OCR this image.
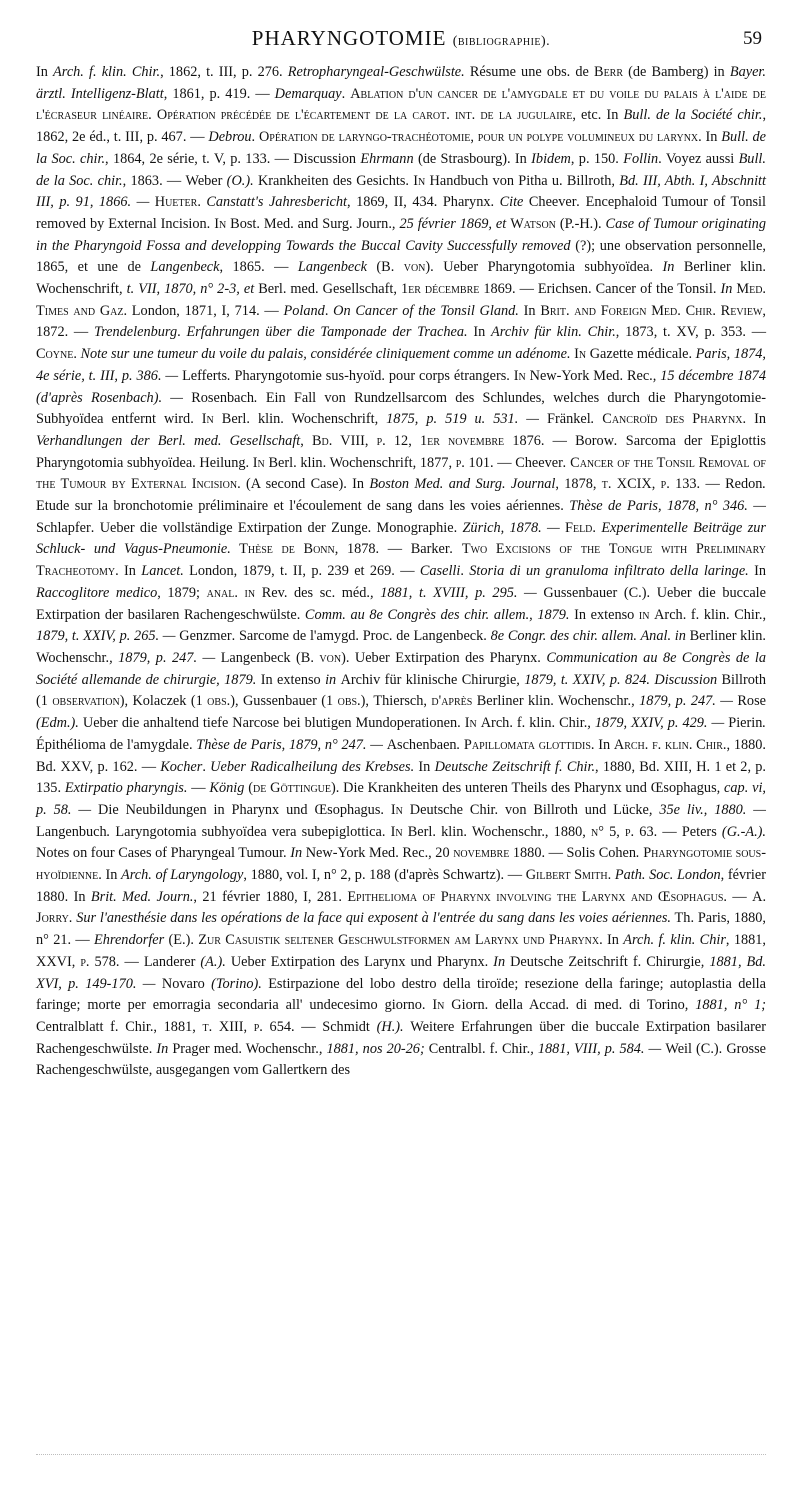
PHARYNGOTOMIE (bibliographie).	59

In Arch. f. klin. Chir., 1862, t. III, p. 276. Retropharyngeal-Geschwülste. Résume une obs. de Berr (de Bamberg) in Bayer. ärztl. Intelligenz-Blatt, 1861, p. 419. — Demarquay. Ablation d'un cancer de l'amygdale et du voile du palais à l'aide de l'écraseur linéaire. Opération précédée de l'écartement de la carot. int. de la jugulaire, etc. In Bull. de la Société chir., 1862, 2e éd., t. III, p. 467. — Debrou. Opération de laryngo-trachéotomie, pour un polype volumineux du larynx. In Bull. de la Soc. chir., 1864, 2e série, t. V, p. 133. — Discussion Ehrmann (de Strasbourg). In Ibidem, p. 150. Follin. Voyez aussi Bull. de la Soc. chir., 1863. — Weber (O.). Krankheiten des Gesichts. In Handbuch von Pitha u. Billroth, Bd. III, Abth. I, Abschnitt III, p. 91, 1866. — Hueter. Canstatt's Jahresbericht, 1869, II, 434. Pharynx. Cite Cheever. Encephaloid Tumour of Tonsil removed by External Incision. In Bost. Med. and Surg. Journ., 25 février 1869, et Watson (P.-H.). Case of Tumour originating in the Pharyngoid Fossa and developping Towards the Buccal Cavity Successfully removed (?); une observation personnelle, 1865, et une de Langenbeck, 1865. — Langenbeck (B. von). Ueber Pharyngotomia subhyoïdea. In Berliner klin. Wochenschrift, t. VII, 1870, n° 2-3, et Berl. med. Gesellschaft, 1er décembre 1869. — Erichsen. Cancer of the Tonsil. In Med. Times and Gaz. London, 1871, I, 714. — Poland. On Cancer of the Tonsil Gland. In Brit. and Foreign Med. Chir. Review, 1872. — Trendelenburg. Erfahrungen über die Tamponade der Trachea. In Archiv für klin. Chir., 1873, t. XV, p. 353. — Coyne. Note sur une tumeur du voile du palais, considérée cliniquement comme un adénome. In Gazette médicale. Paris, 1874, 4e série, t. III, p. 386. — Lefferts. Pharyngotomie sus-hyoïd. pour corps étrangers. In New-York Med. Rec., 15 décembre 1874 (d'après Rosenbach). — Rosenbach. Ein Fall von Rundzellsarcom des Schlundes, welches durch die Pharyngotomie-Subhyoïdea entfernt wird. In Berl. klin. Wochenschrift, 1875, p. 519 u. 531. — Fränkel. Cancroïd des Pharynx. In Verhandlungen der Berl. med. Gesellschaft, Bd. VIII, p. 12, 1er novembre 1876. — Borow. Sarcoma der Epiglottis Pharyngotomia subhyoïdea. Heilung. In Berl. klin. Wochenschrift, 1877, p. 101. — Cheever. Cancer of the Tonsil Removal of the Tumour by External Incision. (A second Case). In Boston Med. and Surg. Journal, 1878, t. XCIX, p. 133. — Redon. Etude sur la bronchotomie préliminaire et l'écoulement de sang dans les voies aériennes. Thèse de Paris, 1878, n° 346. — Schlapfer. Ueber die vollständige Extirpation der Zunge. Monographie. Zürich, 1878. — Feld. Experimentelle Beiträge zur Schluck- und Vagus-Pneumonie. Thèse de Bonn, 1878. — Barker. Two Excisions of the Tongue with Preliminary Tracheotomy. In Lancet. London, 1879, t. II, p. 239 et 269. — Caselli. Storia di un granuloma infiltrato della laringe. In Raccoglitore medico, 1879; anal. in Rev. des sc. méd., 1881, t. XVIII, p. 295. — Gussenbauer (C.). Ueber die buccale Extirpation der basilaren Rachengeschwülste. Comm. au 8e Congrès des chir. allem., 1879. In extenso in Arch. f. klin. Chir., 1879, t. XXIV, p. 265. — Genzmer. Sarcome de l'amygd. Proc. de Langenbeck. 8e Congr. des chir. allem. Anal. in Berliner klin. Wochenschr., 1879, p. 247. — Langenbeck (B. von). Ueber Extirpation des Pharynx. Communication au 8e Congrès de la Société allemande de chirurgie, 1879. In extenso in Archiv für klinische Chirurgie, 1879, t. XXIV, p. 824. Discussion Billroth (1 observation), Kolaczek (1 obs.), Gussenbauer (1 obs.), Thiersch, d'après Berliner klin. Wochenschr., 1879, p. 247. — Rose (Edm.). Ueber die anhaltend tiefe Narcose bei blutigen Mundoperationen. In Arch. f. klin. Chir., 1879, XXIV, p. 429. — Pierin. Épithélioma de l'amygdale. Thèse de Paris, 1879, n° 247. — Aschenbaen. Papillomata glottidis. In Arch. f. klin. Chir., 1880. Bd. XXV, p. 162. — Kocher. Ueber Radicalheilung des Krebses. In Deutsche Zeitschrift f. Chir., 1880, Bd. XIII, H. 1 et 2, p. 135. Extirpatio pharyngis. — König (de Göttingue). Die Krankheiten des unteren Theils des Pharynx und Œsophagus, cap. vi, p. 58. — Die Neubildungen in Pharynx und Œsophagus. In Deutsche Chir. von Billroth und Lücke, 35e liv., 1880. — Langenbuch. Laryngotomia subhyoïdea vera subepiglottica. In Berl. klin. Wochenschr., 1880, n° 5, p. 63. — Peters (G.-A.). Notes on four Cases of Pharyngeal Tumour. In New-York Med. Rec., 20 novembre 1880. — Solis Cohen. Pharyngotomie sous-hyoïdienne. In Arch. of Laryngology, 1880, vol. I, n° 2, p. 188 (d'après Schwartz). — Gilbert Smith. Path. Soc. London, février 1880. In Brit. Med. Journ., 21 février 1880, I, 281. Epithelioma of Pharynx involving the Larynx and Œsophagus. — A. Jorry. Sur l'anesthésie dans les opérations de la face qui exposent à l'entrée du sang dans les voies aériennes. Th. Paris, 1880, n° 21. — Ehrendorfer (E.). Zur Casuistik seltener Geschwulstformen am Larynx und Pharynx. In Arch. f. klin. Chir, 1881, XXVI, p. 578. — Landerer (A.). Ueber Extirpation des Larynx und Pharynx. In Deutsche Zeitschrift f. Chirurgie, 1881, Bd. XVI, p. 149-170. — Novaro (Torino). Estirpazione del lobo destro della tiroïde; resezione della faringe; autoplastia della faringe; morte per emorragia secondaria all' undecesimo giorno. In Giorn. della Accad. di med. di Torino, 1881, n° 1; Centralblatt f. Chir., 1881, t. XIII, p. 654. — Schmidt (H.). Weitere Erfahrungen über die buccale Extirpation basilarer Rachengeschwülste. In Prager med. Wochenschr., 1881, nos 20-26; Centralbl. f. Chir., 1881, VIII, p. 584. — Weil (C.). Grosse Rachengeschwülste, ausgegangen vom Gallertkern des
